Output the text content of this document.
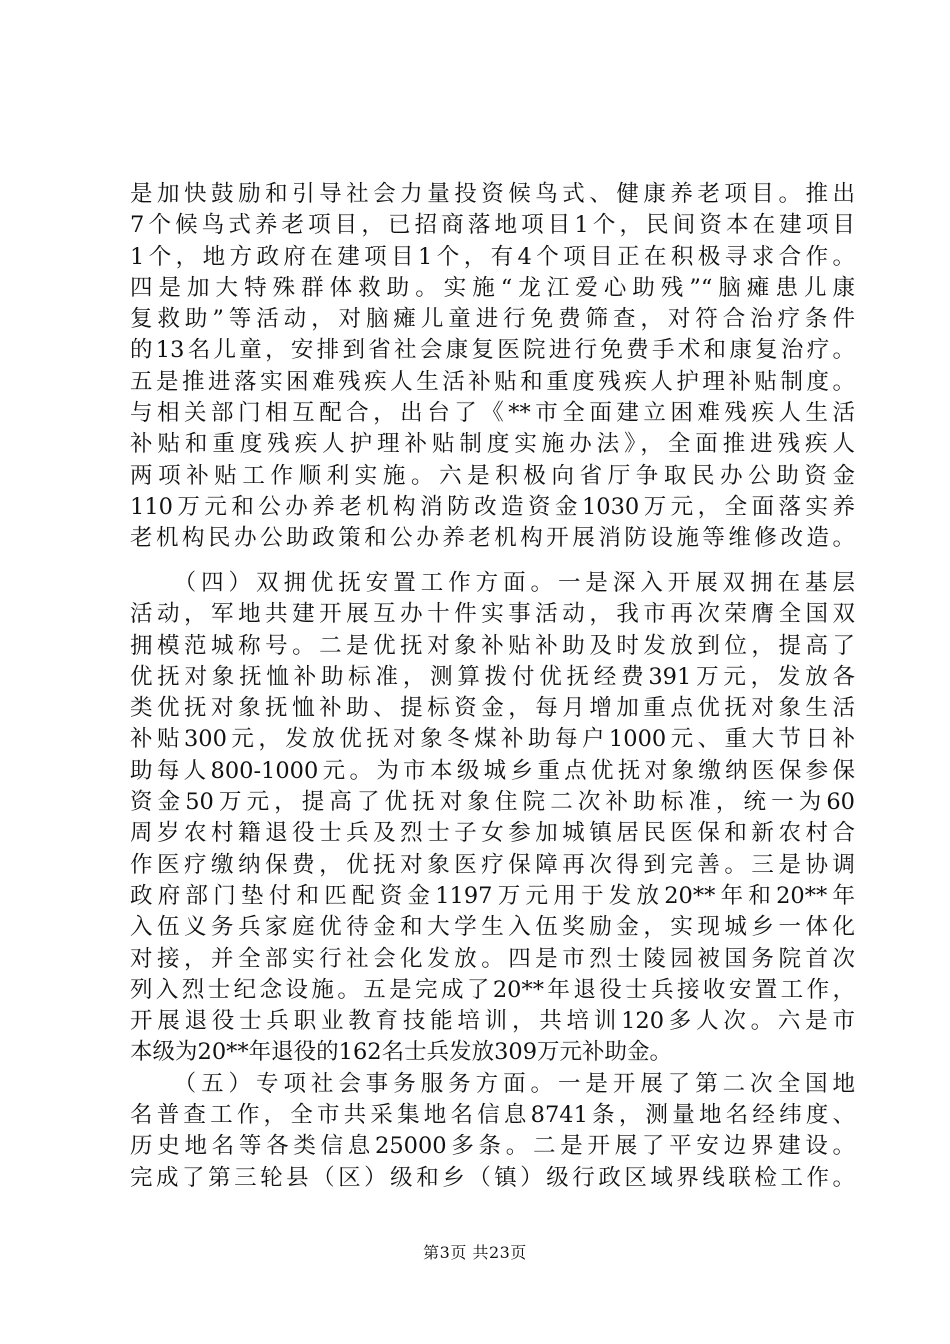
是加快鼓励和引导社会力量投资候鸟式、健康养老项目。推出
7个候鸟式养老项目，已招商落地项目1个，民间资本在建项目
1个，地方政府在建项目1个，有4个项目正在积极寻求合作。
四是加大特殊群体救助。实施“龙江爱心助残”“脑瘫患儿康
复救助”等活动，对脑瘫儿童进行免费筛查，对符合治疗条件
的13名儿童，安排到省社会康复医院进行免费手术和康复治疗。
五是推进落实困难残疾人生活补贴和重度残疾人护理补贴制度。
与相关部门相互配合，出台了《**市全面建立困难残疾人生活
补贴和重度残疾人护理补贴制度实施办法》，全面推进残疾人
两项补贴工作顺利实施。六是积极向省厅争取民办公助资金
110万元和公办养老机构消防改造资金1030万元，全面落实养
老机构民办公助政策和公办养老机构开展消防设施等维修改造。
　　（四）双拥优抚安置工作方面。一是深入开展双拥在基层
活动，军地共建开展互办十件实事活动，我市再次荣膺全国双
拥模范城称号。二是优抚对象补贴补助及时发放到位，提高了
优抚对象抚恤补助标准，测算拨付优抚经费391万元，发放各
类优抚对象抚恤补助、提标资金，每月增加重点优抚对象生活
补贴300元，发放优抚对象冬煤补助每户1000元、重大节日补
助每人800-1000元。为市本级城乡重点优抚对象缴纳医保参保
资金50万元，提高了优抚对象住院二次补助标准，统一为60
周岁农村籍退役士兵及烈士子女参加城镇居民医保和新农村合
作医疗缴纳保费，优抚对象医疗保障再次得到完善。三是协调
政府部门垫付和匹配资金1197万元用于发放20**年和20**年
入伍义务兵家庭优待金和大学生入伍奖励金，实现城乡一体化
对接，并全部实行社会化发放。四是市烈士陵园被国务院首次
列入烈士纪念设施。五是完成了20**年退役士兵接收安置工作，
开展退役士兵职业教育技能培训，共培训120多人次。六是市
本级为20**年退役的162名士兵发放309万元补助金。
　　（五）专项社会事务服务方面。一是开展了第二次全国地
名普查工作，全市共采集地名信息8741条，测量地名经纬度、
历史地名等各类信息25000多条。二是开展了平安边界建设。
完成了第三轮县（区）级和乡（镇）级行政区域界线联检工作。
第3页 共23页
